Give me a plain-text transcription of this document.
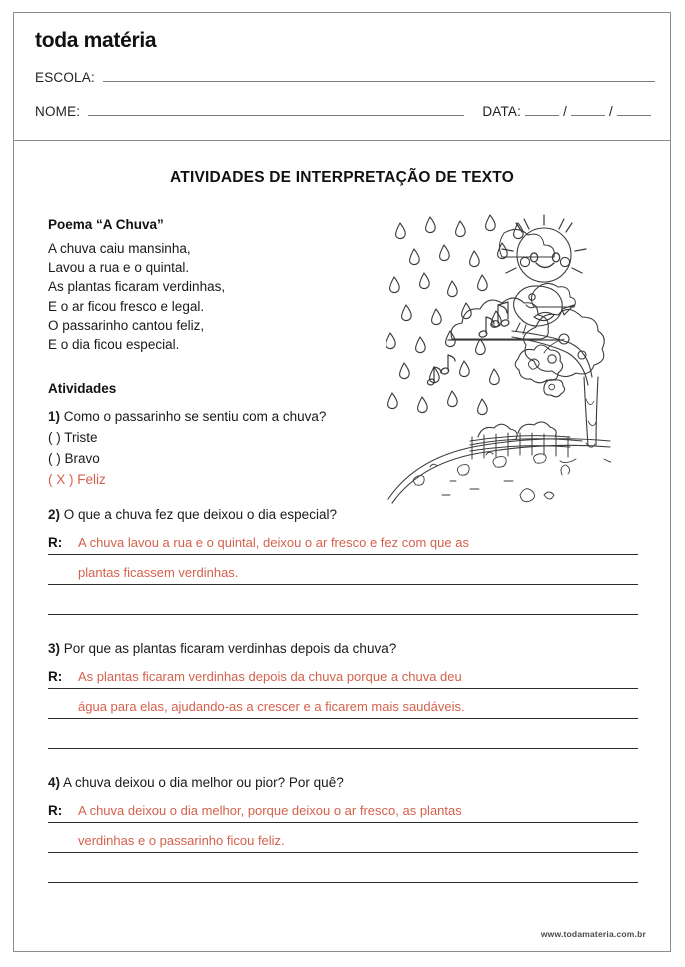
toda matéria
ESCOLA:
NOME:	DATA:	/	/
ATIVIDADES DE INTERPRETAÇÃO DE TEXTO
Poema “A Chuva”
A chuva caiu mansinha,
Lavou a rua e o quintal.
As plantas ficaram verdinhas,
E o ar ficou fresco e legal.
O passarinho cantou feliz,
E o dia ficou especial.
Atividades
1) Como o passarinho se sentiu com a chuva?
( ) Triste
( ) Bravo
( X ) Feliz
2) O que a chuva fez que deixou o dia especial?
R: A chuva lavou a rua e o quintal, deixou o ar fresco e fez com que as
plantas ficassem verdinhas.
3) Por que as plantas ficaram verdinhas depois da chuva?
R: As plantas ficaram verdinhas depois da chuva porque a chuva deu
água para elas, ajudando-as a crescer e a ficarem mais saudáveis.
4) A chuva deixou o dia melhor ou pior? Por quê?
R: A chuva deixou o dia melhor, porque deixou o ar fresco, as plantas
verdinhas e o passarinho ficou feliz.
www.todamateria.com.br
